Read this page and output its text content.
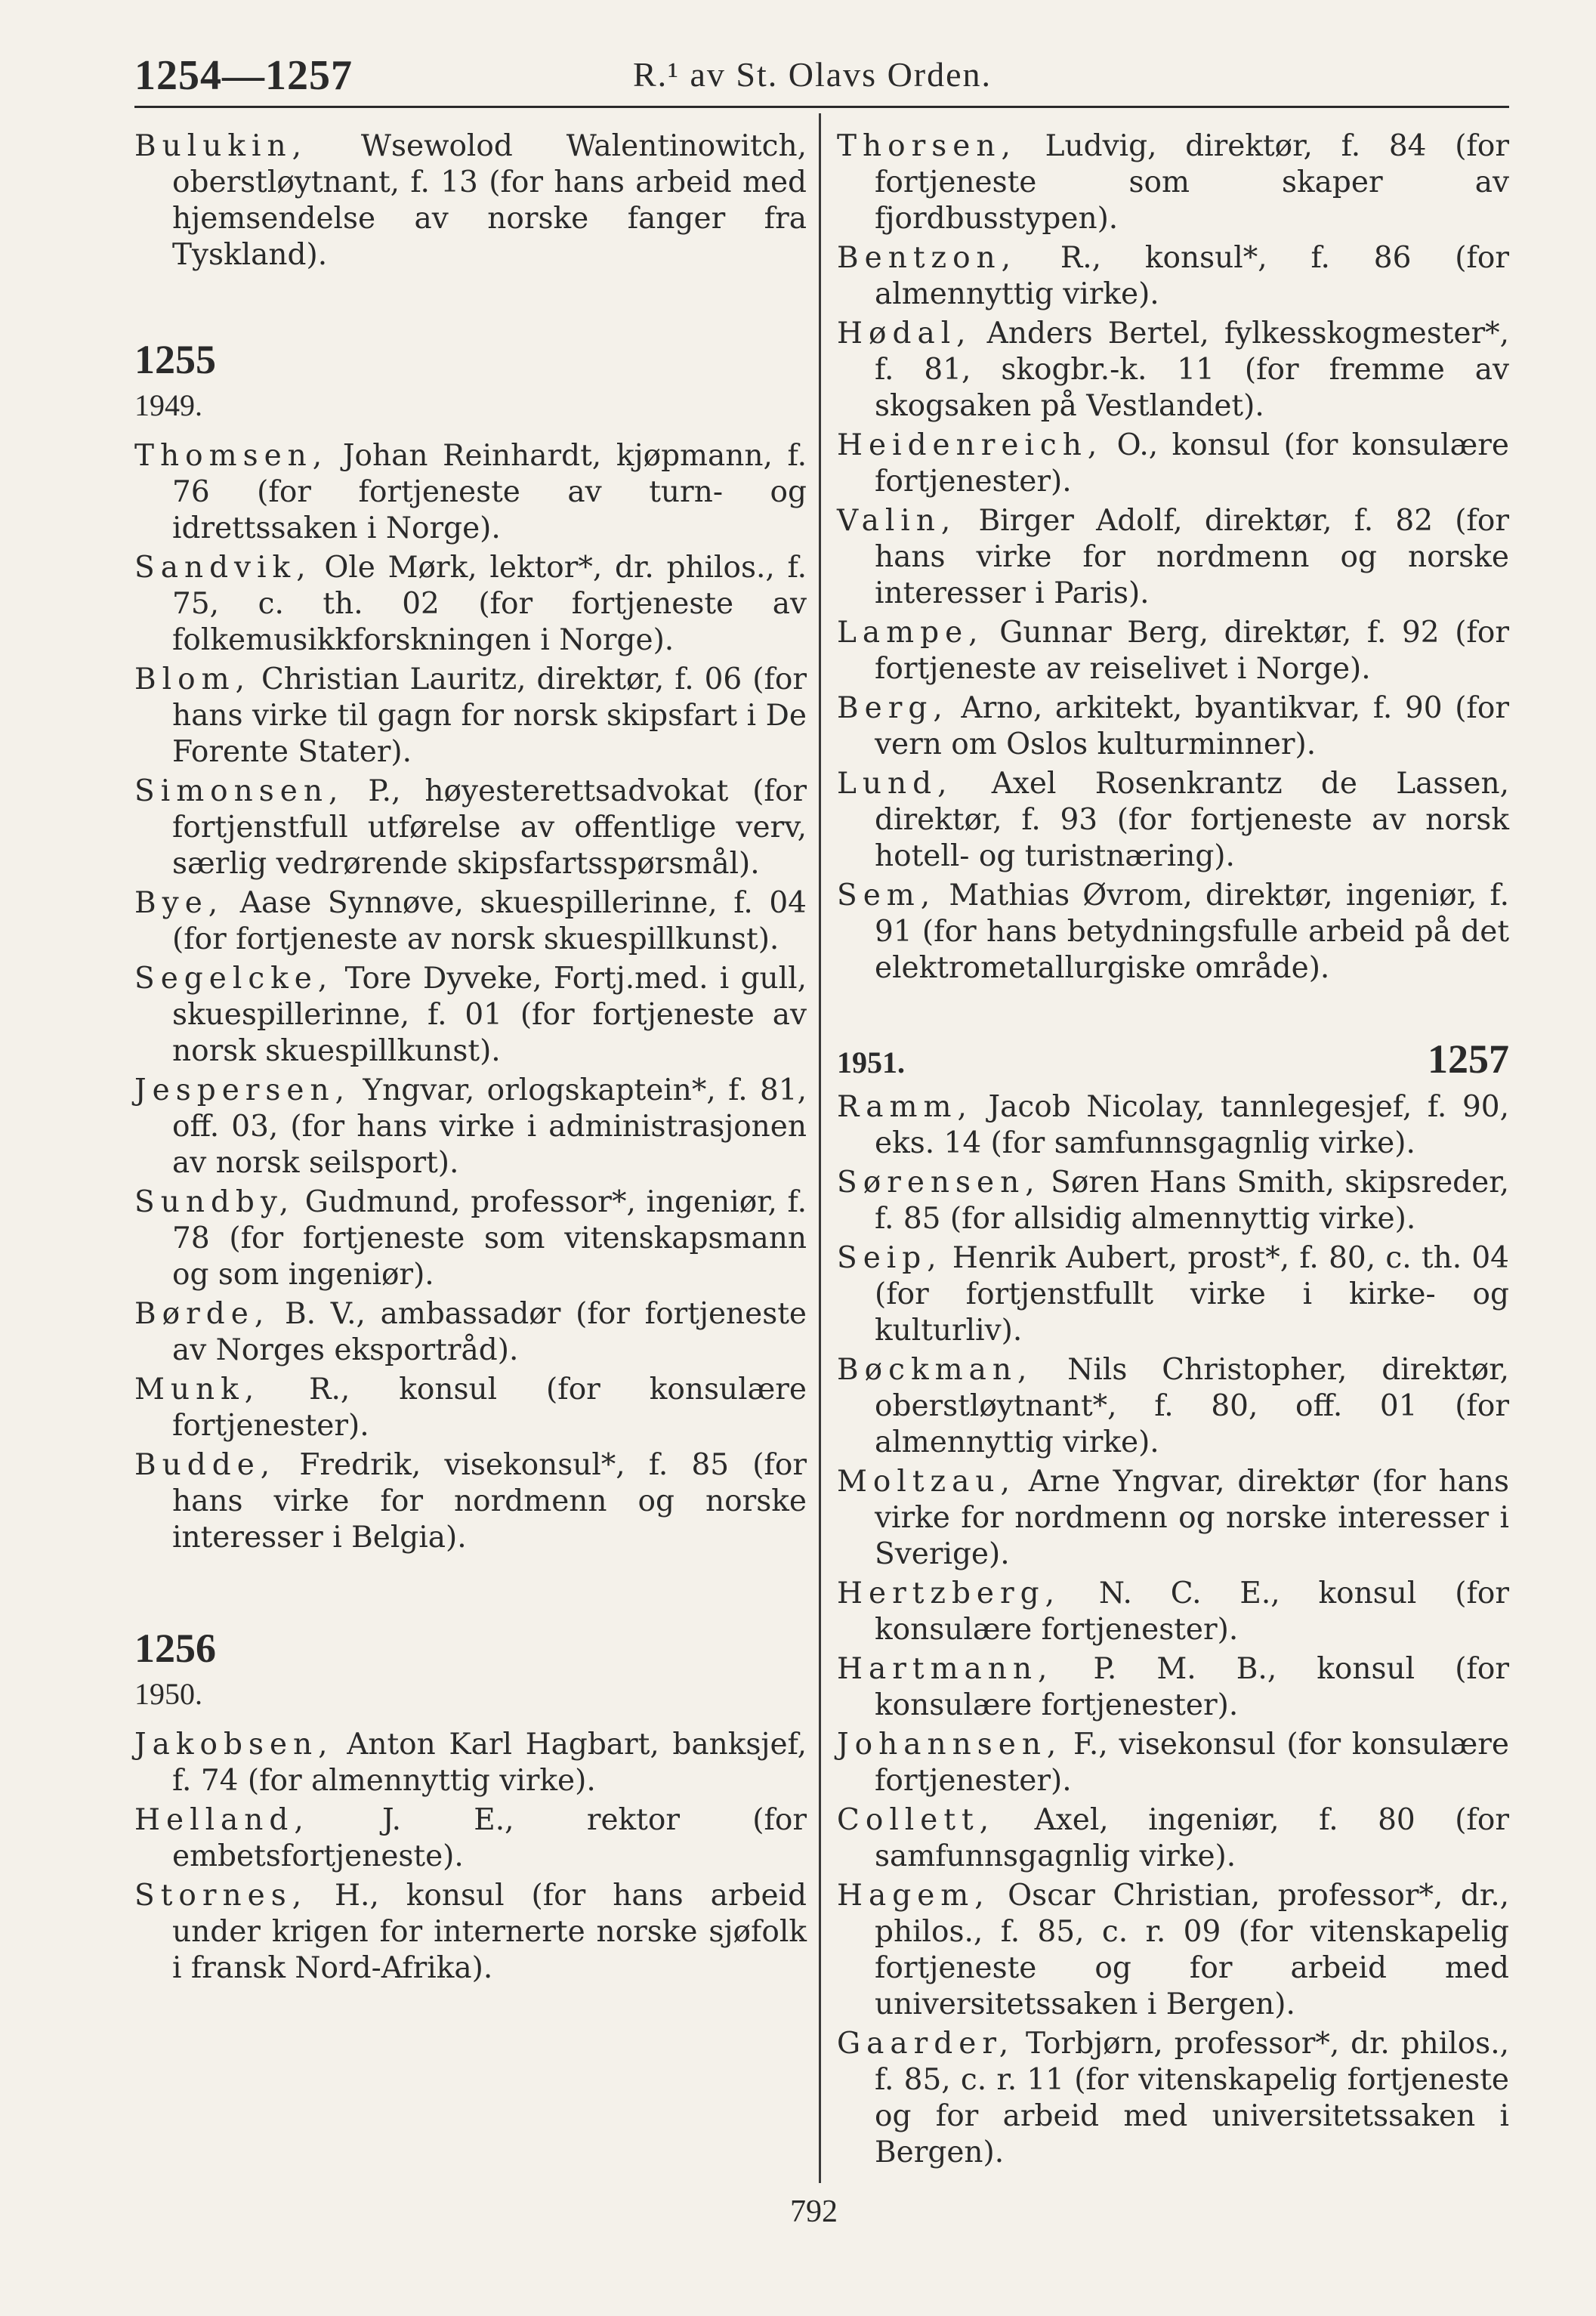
1254—1257	R.¹ av St. Olavs Orden.

Bulukin, Wsewolod Walentinowitch, oberstløytnant, f. 13 (for hans arbeid med hjemsendelse av norske fanger fra Tyskland).

1255

1949.

Thomsen, Johan Reinhardt, kjøpmann, f. 76 (for fortjeneste av turn- og idrettssaken i Norge).

Sandvik, Ole Mørk, lektor*, dr. philos., f. 75, c. th. 02 (for fortjeneste av folkemusikkforskningen i Norge).

Blom, Christian Lauritz, direktør, f. 06 (for hans virke til gagn for norsk skipsfart i De Forente Stater).

Simonsen, P., høyesterettsadvokat (for fortjenstfull utførelse av offentlige verv, særlig vedrørende skipsfartsspørsmål).

Bye, Aase Synnøve, skuespillerinne, f. 04 (for fortjeneste av norsk skuespillkunst).

Segelcke, Tore Dyveke, Fortj.med. i gull, skuespillerinne, f. 01 (for fortjeneste av norsk skuespillkunst).

Jespersen, Yngvar, orlogskaptein*, f. 81, off. 03, (for hans virke i administrasjonen av norsk seilsport).

Sundby, Gudmund, professor*, ingeniør, f. 78 (for fortjeneste som vitenskapsmann og som ingeniør).

Børde, B. V., ambassadør (for fortjeneste av Norges eksportråd).

Munk, R., konsul (for konsulære fortjenester).

Budde, Fredrik, visekonsul*, f. 85 (for hans virke for nordmenn og norske interesser i Belgia).

1256

1950.

Jakobsen, Anton Karl Hagbart, banksjef, f. 74 (for almennyttig virke).

Helland, J. E., rektor (for embetsfortjeneste).

Stornes, H., konsul (for hans arbeid under krigen for internerte norske sjøfolk i fransk Nord-Afrika).

Thorsen, Ludvig, direktør, f. 84 (for fortjeneste som skaper av fjordbusstypen).

Bentzon, R., konsul*, f. 86 (for almennyttig virke).

Hødal, Anders Bertel, fylkesskogmester*, f. 81, skogbr.-k. 11 (for fremme av skogsaken på Vestlandet).

Heidenreich, O., konsul (for konsulære fortjenester).

Valin, Birger Adolf, direktør, f. 82 (for hans virke for nordmenn og norske interesser i Paris).

Lampe, Gunnar Berg, direktør, f. 92 (for fortjeneste av reiselivet i Norge).

Berg, Arno, arkitekt, byantikvar, f. 90 (for vern om Oslos kulturminner).

Lund, Axel Rosenkrantz de Lassen, direktør, f. 93 (for fortjeneste av norsk hotell- og turistnæring).

Sem, Mathias Øvrom, direktør, ingeniør, f. 91 (for hans betydningsfulle arbeid på det elektrometallurgiske område).

1951.	1257

Ramm, Jacob Nicolay, tannlegesjef, f. 90, eks. 14 (for samfunnsgagnlig virke).

Sørensen, Søren Hans Smith, skipsreder, f. 85 (for allsidig almennyttig virke).

Seip, Henrik Aubert, prost*, f. 80, c. th. 04 (for fortjenstfullt virke i kirke- og kulturliv).

Bøckman, Nils Christopher, direktør, oberstløytnant*, f. 80, off. 01 (for almennyttig virke).

Moltzau, Arne Yngvar, direktør (for hans virke for nordmenn og norske interesser i Sverige).

Hertzberg, N. C. E., konsul (for konsulære fortjenester).

Hartmann, P. M. B., konsul (for konsulære fortjenester).

Johannsen, F., visekonsul (for konsulære fortjenester).

Collett, Axel, ingeniør, f. 80 (for samfunnsgagnlig virke).

Hagem, Oscar Christian, professor*, dr., philos., f. 85, c. r. 09 (for vitenskapelig fortjeneste og for arbeid med universitetssaken i Bergen).

Gaarder, Torbjørn, professor*, dr. philos., f. 85, c. r. 11 (for vitenskapelig fortjeneste og for arbeid med universitetssaken i Bergen).

792
